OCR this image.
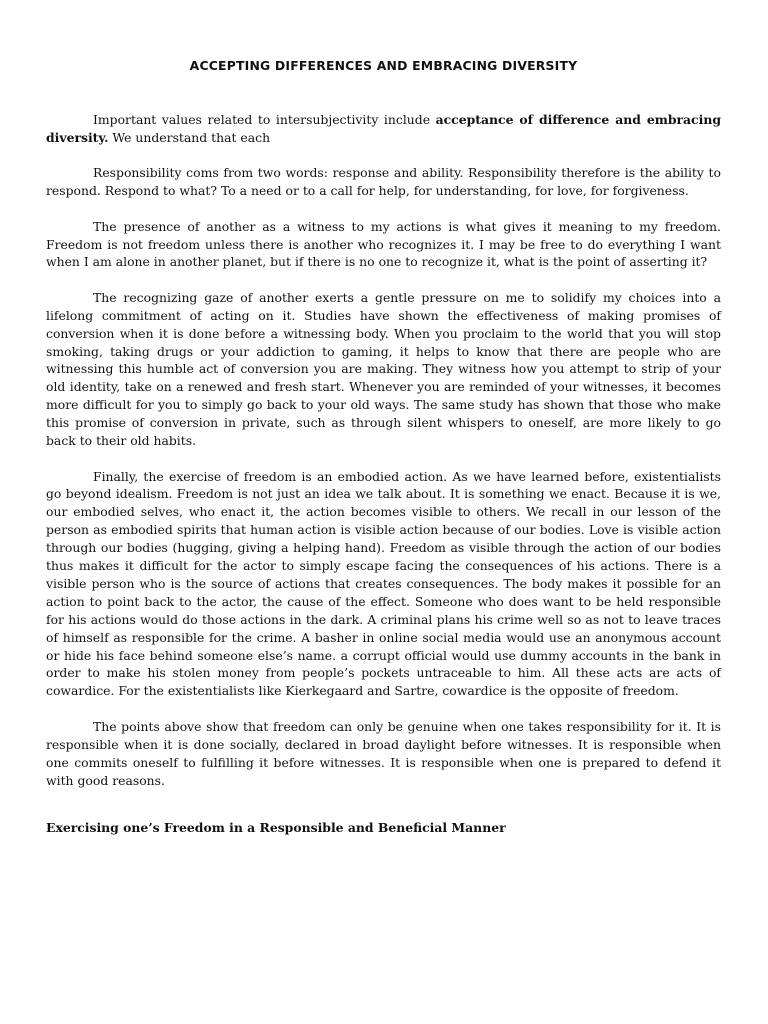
ACCEPTING DIFFERENCES AND EMBRACING DIVERSITY

Important values related to intersubjectivity include acceptance of difference and embracing diversity. We understand that each

Responsibility coms from two words: response and ability. Responsibility therefore is the ability to respond. Respond to what? To a need or to a call for help, for understanding, for love, for forgiveness.

The presence of another as a witness to my actions is what gives it meaning to my freedom. Freedom is not freedom unless there is another who recognizes it. I may be free to do everything I want when I am alone in another planet, but if there is no one to recognize it, what is the point of asserting it?

The recognizing gaze of another exerts a gentle pressure on me to solidify my choices into a lifelong commitment of acting on it. Studies have shown the effectiveness of making promises of conversion when it is done before a witnessing body. When you proclaim to the world that you will stop smoking, taking drugs or your addiction to gaming, it helps to know that there are people who are witnessing this humble act of conversion you are making. They witness how you attempt to strip of your old identity, take on a renewed and fresh start. Whenever you are reminded of your witnesses, it becomes more difficult for you to simply go back to your old ways. The same study has shown that those who make this promise of conversion in private, such as through silent whispers to oneself, are more likely to go back to their old habits.

Finally, the exercise of freedom is an embodied action. As we have learned before, existentialists go beyond idealism. Freedom is not just an idea we talk about. It is something we enact. Because it is we, our embodied selves, who enact it, the action becomes visible to others. We recall in our lesson of the person as embodied spirits that human action is visible action because of our bodies. Love is visible action through our bodies (hugging, giving a helping hand). Freedom as visible through the action of our bodies thus makes it difficult for the actor to simply escape facing the consequences of his actions. There is a visible person who is the source of actions that creates consequences. The body makes it possible for an action to point back to the actor, the cause of the effect. Someone who does want to be held responsible for his actions would do those actions in the dark. A criminal plans his crime well so as not to leave traces of himself as responsible for the crime. A basher in online social media would use an anonymous account or hide his face behind someone else’s name. a corrupt official would use dummy accounts in the bank in order to make his stolen money from people’s pockets untraceable to him. All these acts are acts of cowardice. For the existentialists like Kierkegaard and Sartre, cowardice is the opposite of freedom.

The points above show that freedom can only be genuine when one takes responsibility for it. It is responsible when it is done socially, declared in broad daylight before witnesses. It is responsible when one commits oneself to fulfilling it before witnesses. It is responsible when one is prepared to defend it with good reasons.

Exercising one’s Freedom in a Responsible and Beneficial Manner
